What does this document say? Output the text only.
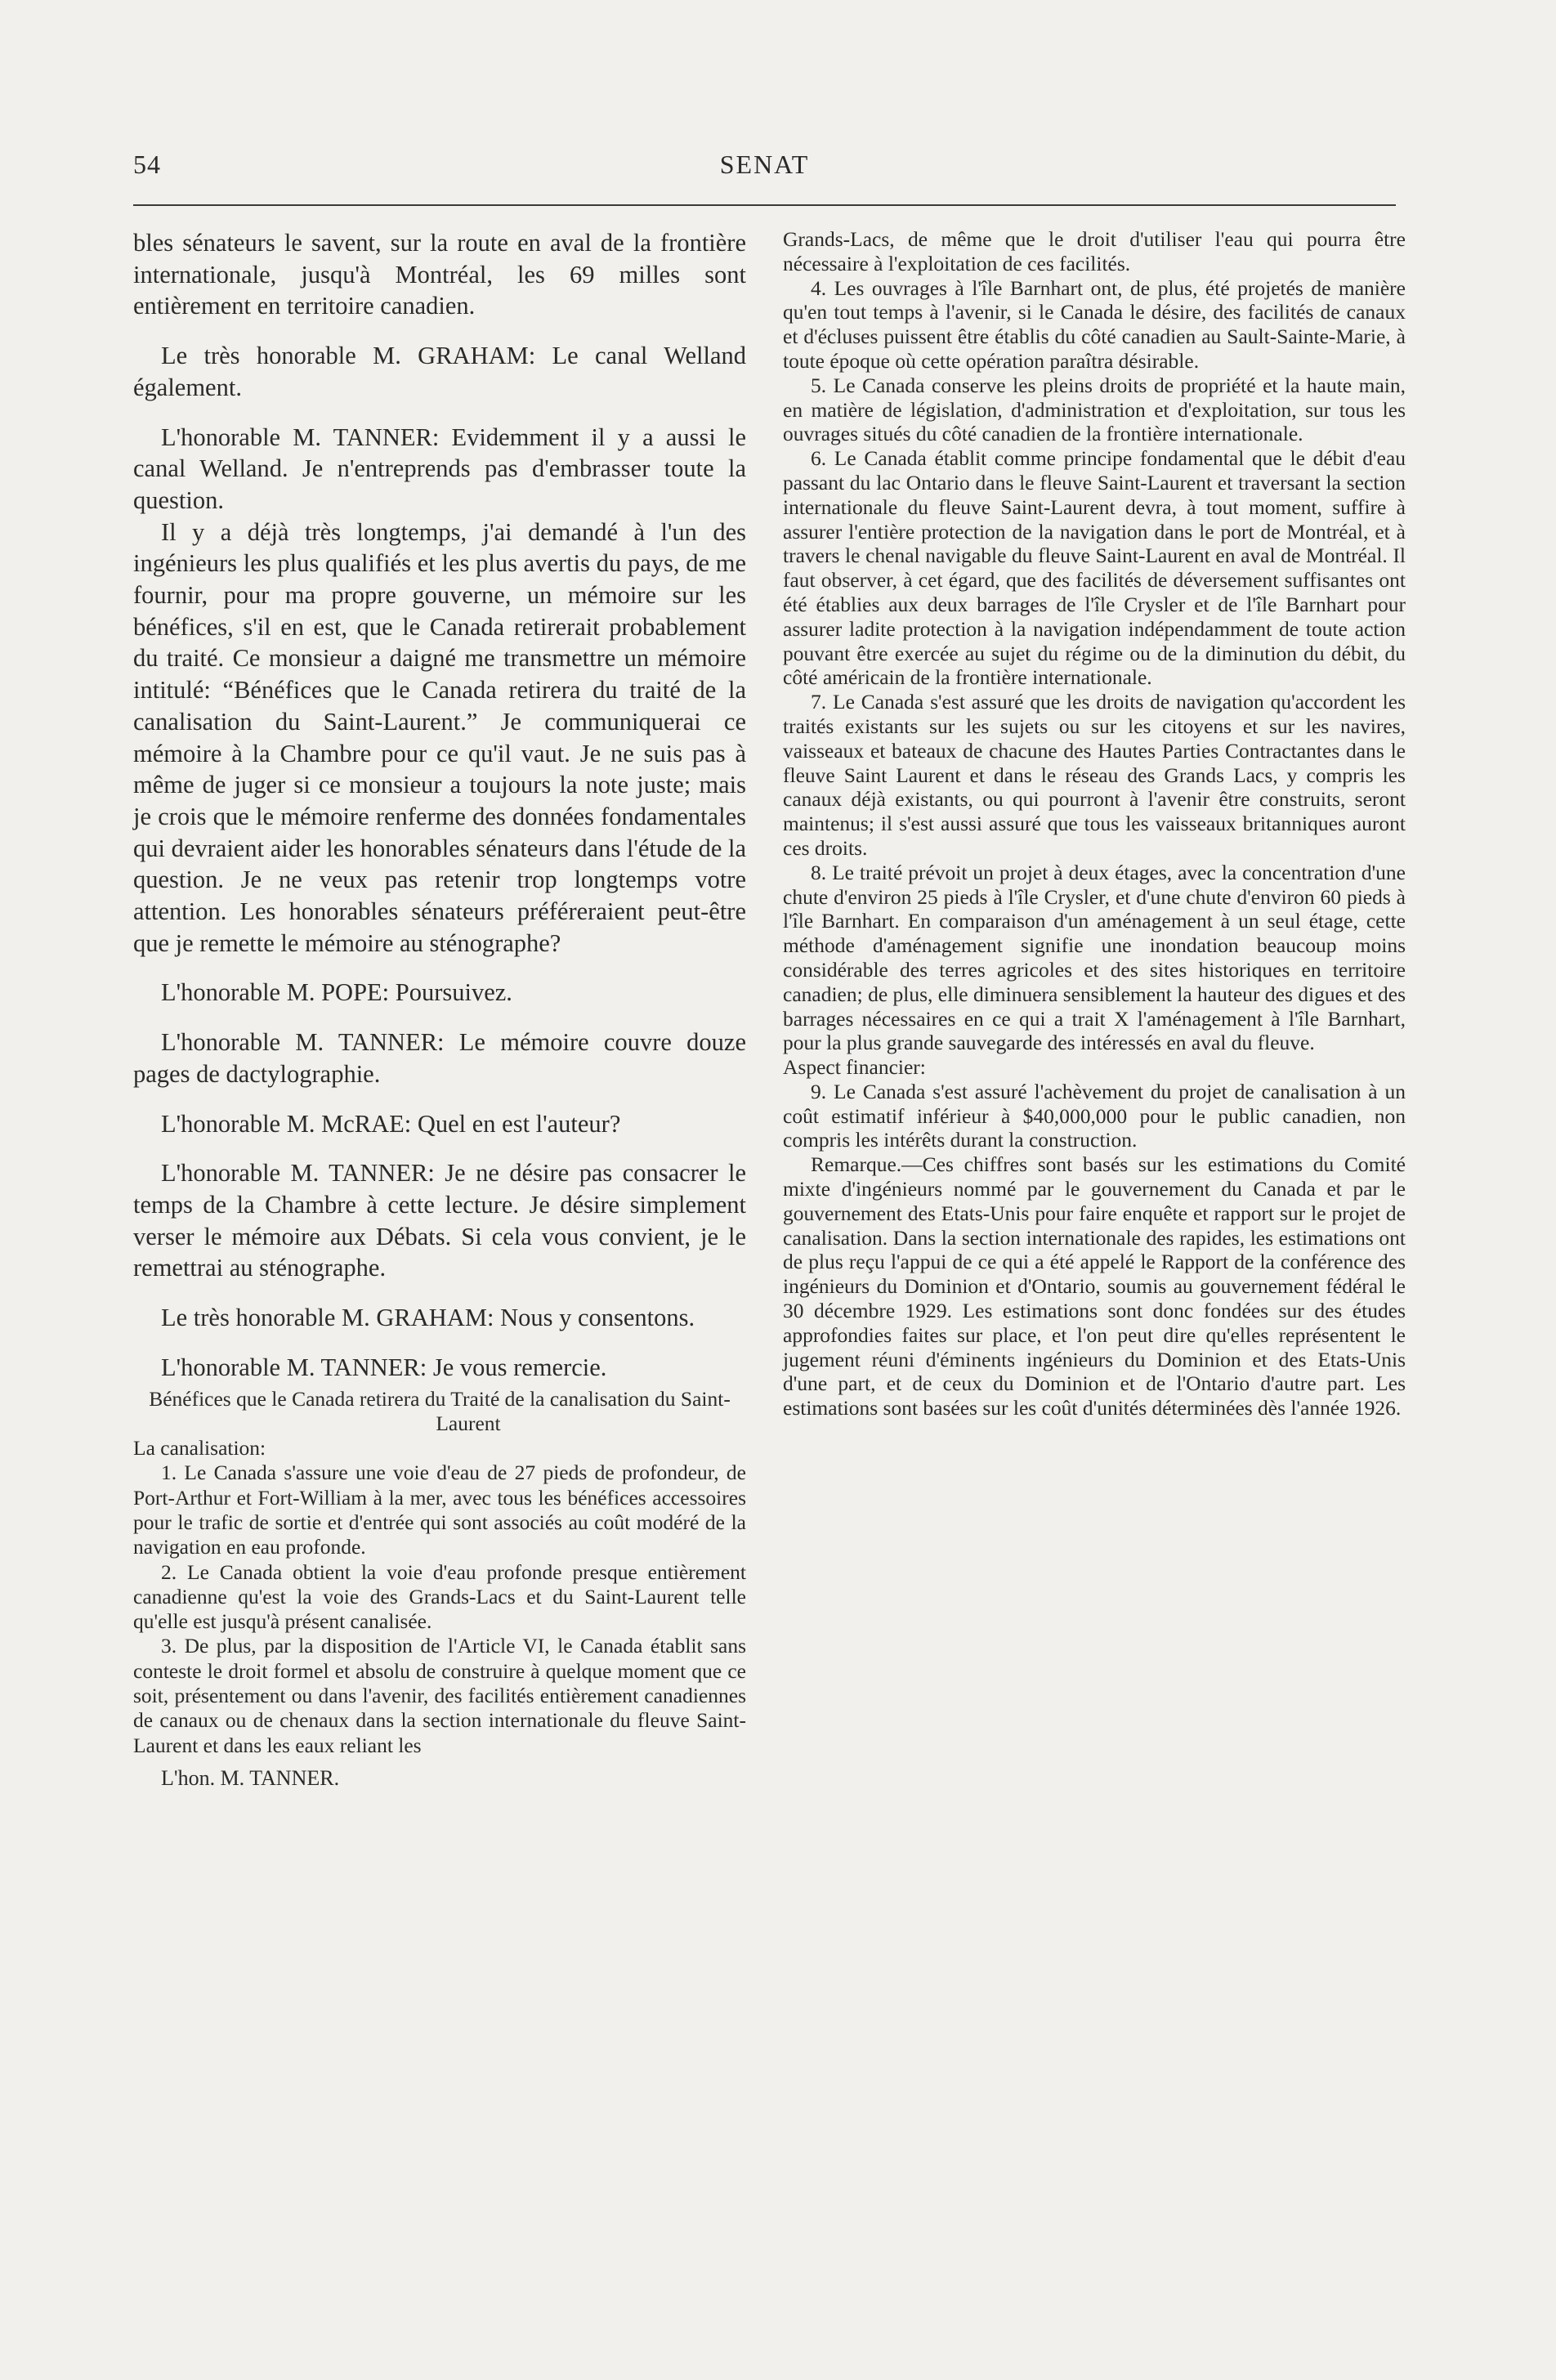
54	SENAT

bles sénateurs le savent, sur la route en aval de la frontière internationale, jusqu'à Montréal, les 69 milles sont entièrement en territoire canadien.

Le très honorable M. GRAHAM: Le canal Welland également.

L'honorable M. TANNER: Evidemment il y a aussi le canal Welland. Je n'entreprends pas d'embrasser toute la question.

Il y a déjà très longtemps, j'ai demandé à l'un des ingénieurs les plus qualifiés et les plus avertis du pays, de me fournir, pour ma propre gouverne, un mémoire sur les bénéfices, s'il en est, que le Canada retirerait probablement du traité. Ce monsieur a daigné me transmettre un mémoire intitulé: “Bénéfices que le Canada retirera du traité de la canalisation du Saint-Laurent.” Je communiquerai ce mémoire à la Chambre pour ce qu'il vaut. Je ne suis pas à même de juger si ce monsieur a toujours la note juste; mais je crois que le mémoire renferme des données fondamentales qui devraient aider les honorables sénateurs dans l'étude de la question. Je ne veux pas retenir trop longtemps votre attention. Les honorables sénateurs préféreraient peut-être que je remette le mémoire au sténographe?

L'honorable M. POPE: Poursuivez.

L'honorable M. TANNER: Le mémoire couvre douze pages de dactylographie.

L'honorable M. McRAE: Quel en est l'auteur?

L'honorable M. TANNER: Je ne désire pas consacrer le temps de la Chambre à cette lecture. Je désire simplement verser le mémoire aux Débats. Si cela vous convient, je le remettrai au sténographe.

Le très honorable M. GRAHAM: Nous y consentons.

L'honorable M. TANNER: Je vous remercie.

Bénéfices que le Canada retirera du Traité de la canalisation du Saint-Laurent

La canalisation:

1. Le Canada s'assure une voie d'eau de 27 pieds de profondeur, de Port-Arthur et Fort-William à la mer, avec tous les bénéfices accessoires pour le trafic de sortie et d'entrée qui sont associés au coût modéré de la navigation en eau profonde.

2. Le Canada obtient la voie d'eau profonde presque entièrement canadienne qu'est la voie des Grands-Lacs et du Saint-Laurent telle qu'elle est jusqu'à présent canalisée.

3. De plus, par la disposition de l'Article VI, le Canada établit sans conteste le droit formel et absolu de construire à quelque moment que ce soit, présentement ou dans l'avenir, des facilités entièrement canadiennes de canaux ou de chenaux dans la section internationale du fleuve Saint-Laurent et dans les eaux reliant les

L'hon. M. TANNER.

Grands-Lacs, de même que le droit d'utiliser l'eau qui pourra être nécessaire à l'exploitation de ces facilités.

4. Les ouvrages à l'île Barnhart ont, de plus, été projetés de manière qu'en tout temps à l'avenir, si le Canada le désire, des facilités de canaux et d'écluses puissent être établis du côté canadien au Sault-Sainte-Marie, à toute époque où cette opération paraîtra désirable.

5. Le Canada conserve les pleins droits de propriété et la haute main, en matière de législation, d'administration et d'exploitation, sur tous les ouvrages situés du côté canadien de la frontière internationale.

6. Le Canada établit comme principe fondamental que le débit d'eau passant du lac Ontario dans le fleuve Saint-Laurent et traversant la section internationale du fleuve Saint-Laurent devra, à tout moment, suffire à assurer l'entière protection de la navigation dans le port de Montréal, et à travers le chenal navigable du fleuve Saint-Laurent en aval de Montréal. Il faut observer, à cet égard, que des facilités de déversement suffisantes ont été établies aux deux barrages de l'île Crysler et de l'île Barnhart pour assurer ladite protection à la navigation indépendamment de toute action pouvant être exercée au sujet du régime ou de la diminution du débit, du côté américain de la frontière internationale.

7. Le Canada s'est assuré que les droits de navigation qu'accordent les traités existants sur les sujets ou sur les citoyens et sur les navires, vaisseaux et bateaux de chacune des Hautes Parties Contractantes dans le fleuve Saint Laurent et dans le réseau des Grands Lacs, y compris les canaux déjà existants, ou qui pourront à l'avenir être construits, seront maintenus; il s'est aussi assuré que tous les vaisseaux britanniques auront ces droits.

8. Le traité prévoit un projet à deux étages, avec la concentration d'une chute d'environ 25 pieds à l'île Crysler, et d'une chute d'environ 60 pieds à l'île Barnhart. En comparaison d'un aménagement à un seul étage, cette méthode d'aménagement signifie une inondation beaucoup moins considérable des terres agricoles et des sites historiques en territoire canadien; de plus, elle diminuera sensiblement la hauteur des digues et des barrages nécessaires en ce qui a trait X l'aménagement à l'île Barnhart, pour la plus grande sauvegarde des intéressés en aval du fleuve.

Aspect financier:

9. Le Canada s'est assuré l'achèvement du projet de canalisation à un coût estimatif inférieur à $40,000,000 pour le public canadien, non compris les intérêts durant la construction.

Remarque.—Ces chiffres sont basés sur les estimations du Comité mixte d'ingénieurs nommé par le gouvernement du Canada et par le gouvernement des Etats-Unis pour faire enquête et rapport sur le projet de canalisation. Dans la section internationale des rapides, les estimations ont de plus reçu l'appui de ce qui a été appelé le Rapport de la conférence des ingénieurs du Dominion et d'Ontario, soumis au gouvernement fédéral le 30 décembre 1929. Les estimations sont donc fondées sur des études approfondies faites sur place, et l'on peut dire qu'elles représentent le jugement réuni d'éminents ingénieurs du Dominion et des Etats-Unis d'une part, et de ceux du Dominion et de l'Ontario d'autre part. Les estimations sont basées sur les coût d'unités déterminées dès l'année 1926.
